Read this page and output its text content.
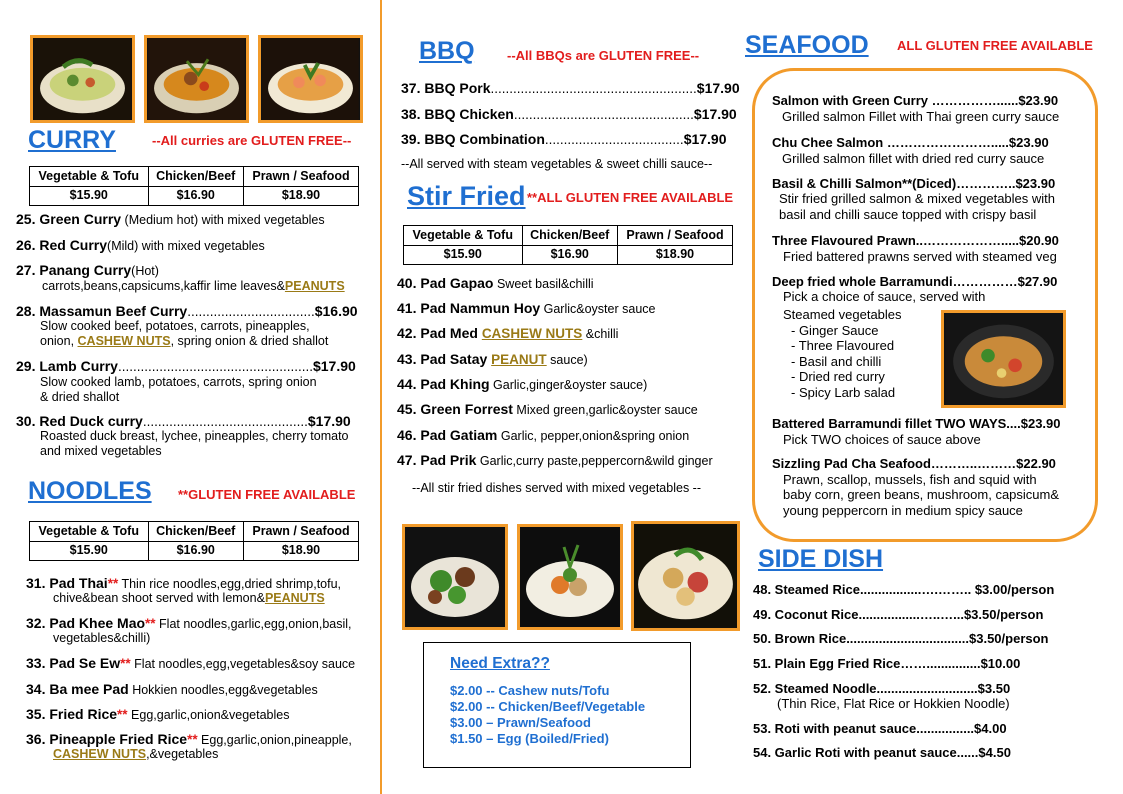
CURRY	--All curries are GLUTEN FREE--
Vegetable & Tofu	Chicken/Beef	Prawn / Seafood
$15.90	$16.90	$18.90
25. Green Curry (Medium hot) with mixed vegetables
26. Red Curry(Mild) with mixed vegetables
27. Panang Curry(Hot)
carrots,beans,capsicums,kaffir lime leaves&PEANUTS
28. Massamun Beef Curry..................................$16.90
Slow cooked beef, potatoes, carrots, pineapples,
onion, CASHEW NUTS, spring onion & dried shallot
29. Lamb Curry....................................................$17.90
Slow cooked lamb, potatoes, carrots, spring onion
& dried shallot
30. Red Duck curry............................................$17.90
Roasted duck breast, lychee, pineapples, cherry tomato
and mixed vegetables
NOODLES **GLUTEN FREE AVAILABLE
Vegetable & Tofu	Chicken/Beef	Prawn / Seafood
$15.90	$16.90	$18.90
31. Pad Thai** Thin rice noodles,egg,dried shrimp,tofu,
chive&bean shoot served with lemon&PEANUTS
32. Pad Khee Mao** Flat noodles,garlic,egg,onion,basil,
vegetables&chilli)
33. Pad Se Ew** Flat noodles,egg,vegetables&soy sauce
34. Ba mee Pad Hokkien noodles,egg&vegetables
35. Fried Rice** Egg,garlic,onion&vegetables
36. Pineapple Fried Rice** Egg,garlic,onion,pineapple,
CASHEW NUTS,&vegetables
BBQ --All BBQs are GLUTEN FREE--
37. BBQ Pork.......................................................$17.90
38. BBQ Chicken................................................$17.90
39. BBQ Combination.....................................$17.90
--All served with steam vegetables & sweet chilli sauce--
Stir Fried **ALL GLUTEN FREE AVAILABLE
Vegetable & Tofu	Chicken/Beef	Prawn / Seafood
$15.90	$16.90	$18.90
40. Pad Gapao Sweet basil&chilli
41. Pad Nammun Hoy Garlic&oyster sauce
42. Pad Med CASHEW NUTS &chilli
43. Pad Satay PEANUT sauce)
44. Pad Khing Garlic,ginger&oyster sauce)
45. Green Forrest Mixed green,garlic&oyster sauce
46. Pad Gatiam Garlic, pepper,onion&spring onion
47. Pad Prik Garlic,curry paste,peppercorn&wild ginger
--All stir fried dishes served with mixed vegetables --
Need Extra??
$2.00 -- Cashew nuts/Tofu
$2.00 -- Chicken/Beef/Vegetable
$3.00 – Prawn/Seafood
$1.50 – Egg (Boiled/Fried)
SEAFOOD ALL GLUTEN FREE AVAILABLE
Salmon with Green Curry ……………......$23.90
Grilled salmon Fillet with Thai green curry sauce
Chu Chee Salmon …………………….....$23.90
Grilled salmon fillet with dried red curry sauce
Basil & Chilli Salmon**(Diced)…………..$23.90
Stir fried grilled salmon & mixed vegetables with
basil and chilli sauce topped with crispy basil
Three Flavoured Prawn..……………….....$20.90
Fried battered prawns served with steamed veg
Deep fried whole Barramundi……………$27.90
Pick a choice of sauce, served with
Steamed vegetables
- Ginger Sauce
- Three Flavoured
- Basil and chilli
- Dried red curry
- Spicy Larb salad
Battered Barramundi fillet TWO WAYS....$23.90
Pick TWO choices of sauce above
Sizzling Pad Cha Seafood………..………$22.90
Prawn, scallop, mussels, fish and squid with
baby corn, green beans, mushroom, capsicum&
young peppercorn in medium spicy sauce
SIDE DISH
48. Steamed Rice.................….…….. $3.00/person
49. Coconut Rice.................…..…...$3.50/person
50. Brown Rice..................................$3.50/person
51. Plain Egg Fried Rice……...............$10.00
52. Steamed Noodle............................$3.50
(Thin Rice, Flat Rice or Hokkien Noodle)
53. Roti with peanut sauce................$4.00
54. Garlic Roti with peanut sauce......$4.50
